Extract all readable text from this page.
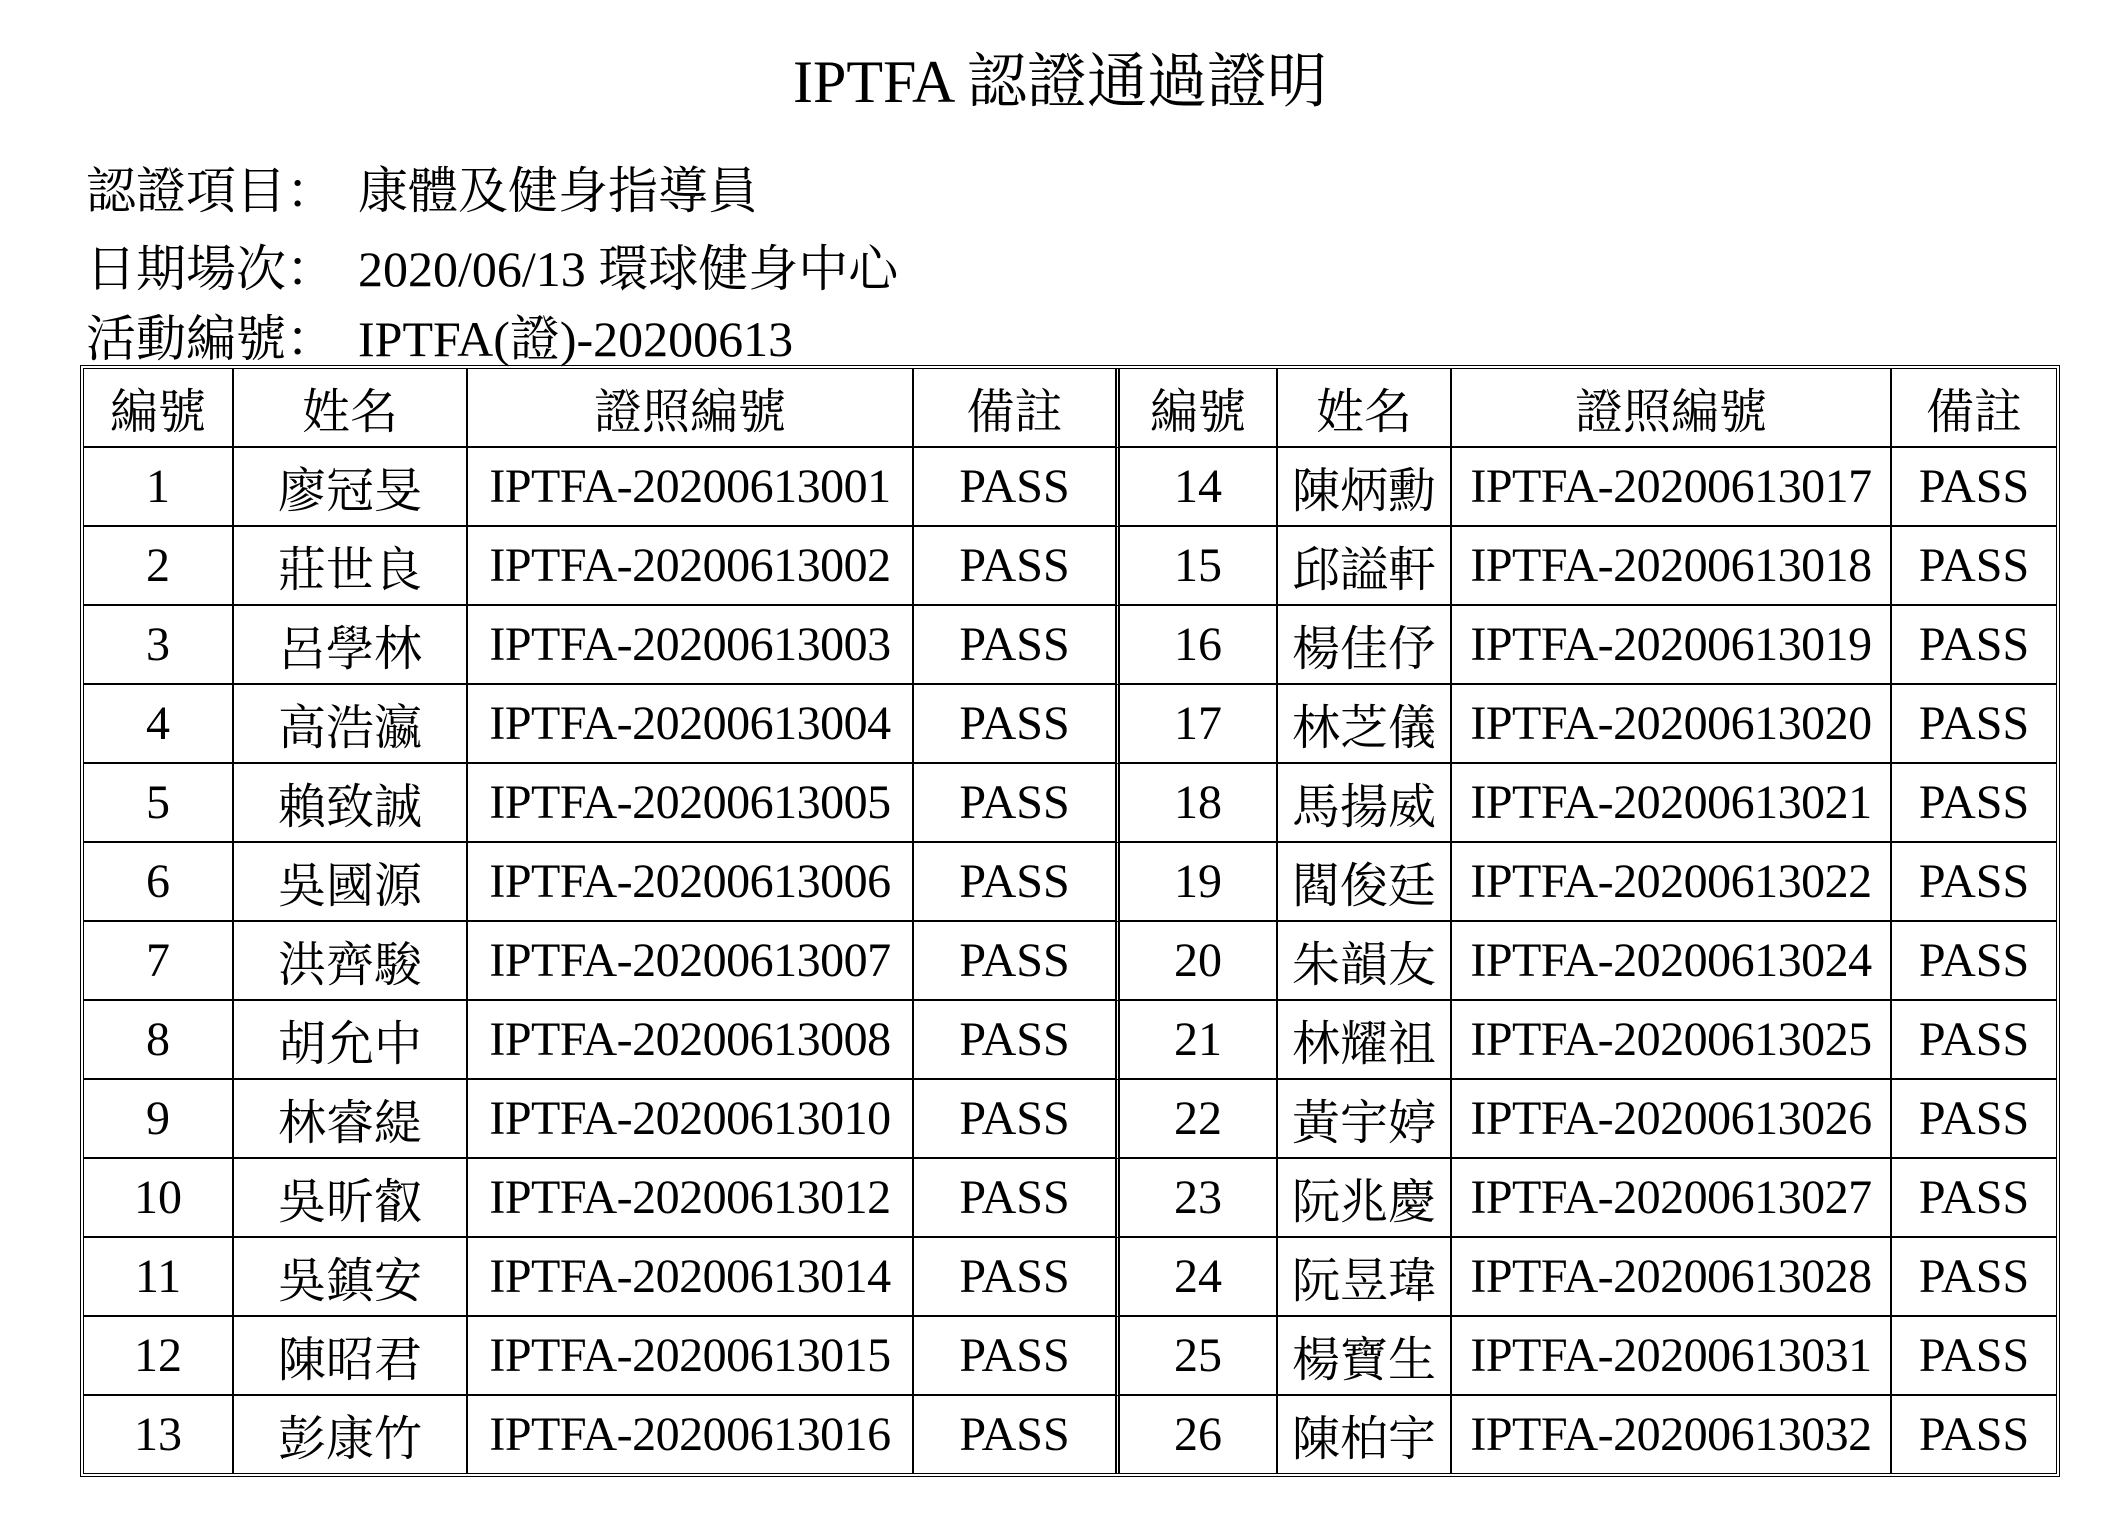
IPTFA 認證通過證明
認證項目： 康體及健身指導員
日期場次： 2020/06/13 環球健身中心
活動編號： IPTFA(證)-20200613
編號	姓名	證照編號	備註	編號	姓名	證照編號	備註
1	廖冠旻	IPTFA-20200613001	PASS	14	陳炳勳	IPTFA-20200613017	PASS
2	莊世良	IPTFA-20200613002	PASS	15	邱謚軒	IPTFA-20200613018	PASS
3	呂學林	IPTFA-20200613003	PASS	16	楊佳伃	IPTFA-20200613019	PASS
4	高浩瀛	IPTFA-20200613004	PASS	17	林芝儀	IPTFA-20200613020	PASS
5	賴致誠	IPTFA-20200613005	PASS	18	馬揚威	IPTFA-20200613021	PASS
6	吳國源	IPTFA-20200613006	PASS	19	閻俊廷	IPTFA-20200613022	PASS
7	洪齊駿	IPTFA-20200613007	PASS	20	朱韻友	IPTFA-20200613024	PASS
8	胡允中	IPTFA-20200613008	PASS	21	林耀祖	IPTFA-20200613025	PASS
9	林睿緹	IPTFA-20200613010	PASS	22	黃宇婷	IPTFA-20200613026	PASS
10	吳昕叡	IPTFA-20200613012	PASS	23	阮兆慶	IPTFA-20200613027	PASS
11	吳鎮安	IPTFA-20200613014	PASS	24	阮昱瑋	IPTFA-20200613028	PASS
12	陳昭君	IPTFA-20200613015	PASS	25	楊寶生	IPTFA-20200613031	PASS
13	彭康竹	IPTFA-20200613016	PASS	26	陳柏宇	IPTFA-20200613032	PASS
